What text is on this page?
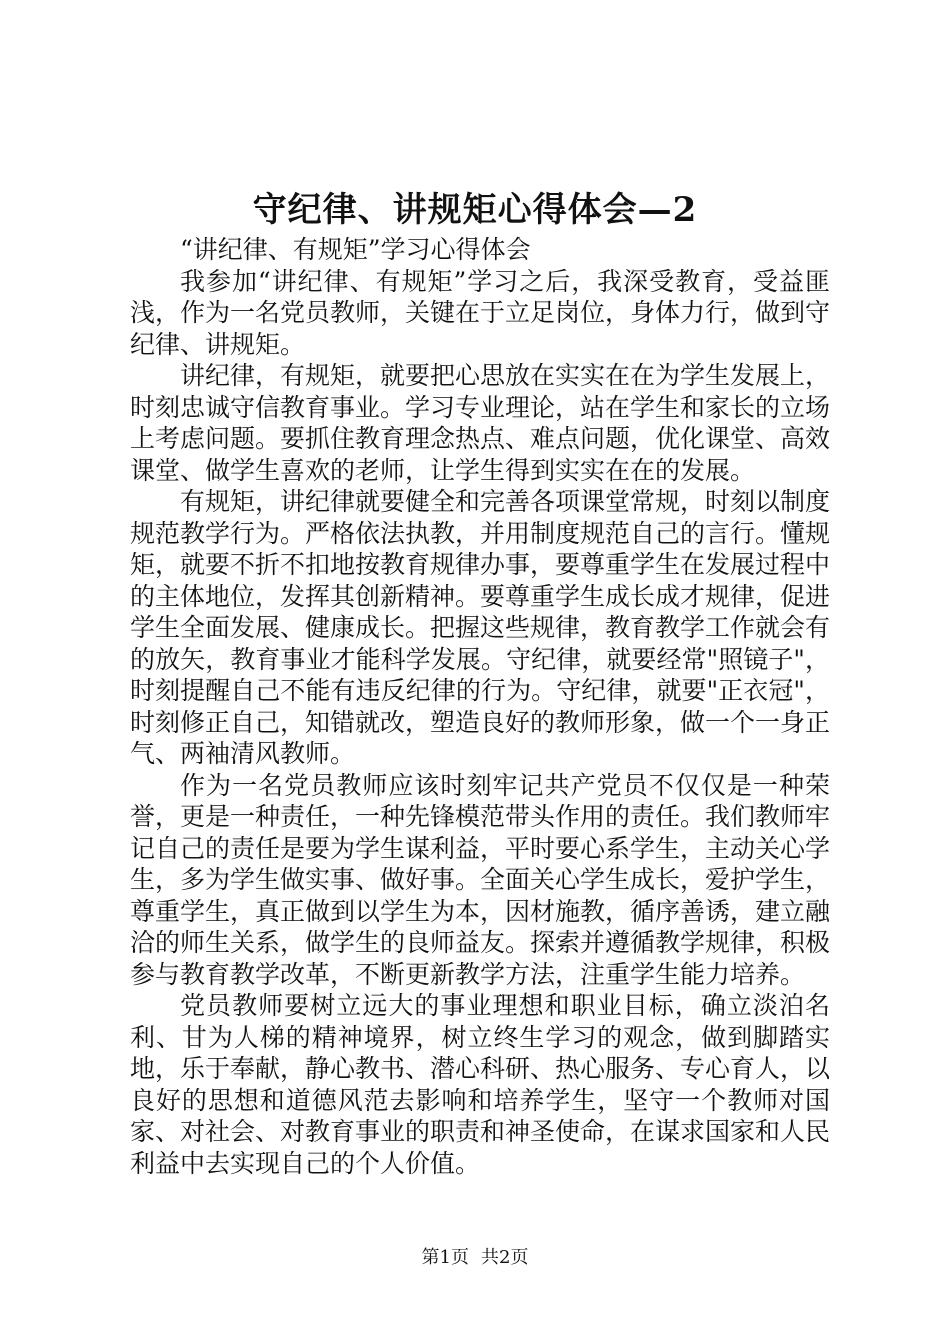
守纪律、讲规矩心得体会—2

“讲纪律、有规矩”学习心得体会

我参加“讲纪律、有规矩”学习之后，我深受教育，受益匪浅，作为一名党员教师，关键在于立足岗位，身体力行，做到守纪律、讲规矩。

讲纪律，有规矩，就要把心思放在实实在在为学生发展上，时刻忠诚守信教育事业。学习专业理论，站在学生和家长的立场上考虑问题。要抓住教育理念热点、难点问题，优化课堂、高效课堂、做学生喜欢的老师，让学生得到实实在在的发展。

有规矩，讲纪律就要健全和完善各项课堂常规，时刻以制度规范教学行为。严格依法执教，并用制度规范自己的言行。懂规矩，就要不折不扣地按教育规律办事，要尊重学生在发展过程中的主体地位，发挥其创新精神。要尊重学生成长成才规律，促进学生全面发展、健康成长。把握这些规律，教育教学工作就会有的放矢，教育事业才能科学发展。守纪律，就要经常"照镜子"，时刻提醒自己不能有违反纪律的行为。守纪律，就要"正衣冠"，时刻修正自己，知错就改，塑造良好的教师形象，做一个一身正气、两袖清风教师。

作为一名党员教师应该时刻牢记共产党员不仅仅是一种荣誉，更是一种责任，一种先锋模范带头作用的责任。我们教师牢记自己的责任是要为学生谋利益，平时要心系学生，主动关心学生，多为学生做实事、做好事。全面关心学生成长，爱护学生，尊重学生，真正做到以学生为本，因材施教，循序善诱，建立融洽的师生关系，做学生的良师益友。探索并遵循教学规律，积极参与教育教学改革，不断更新教学方法，注重学生能力培养。

党员教师要树立远大的事业理想和职业目标，确立淡泊名利、甘为人梯的精神境界，树立终生学习的观念，做到脚踏实地，乐于奉献，静心教书、潜心科研、热心服务、专心育人，以良好的思想和道德风范去影响和培养学生，坚守一个教师对国家、对社会、对教育事业的职责和神圣使命，在谋求国家和人民利益中去实现自己的个人价值。

第1页 共2页
